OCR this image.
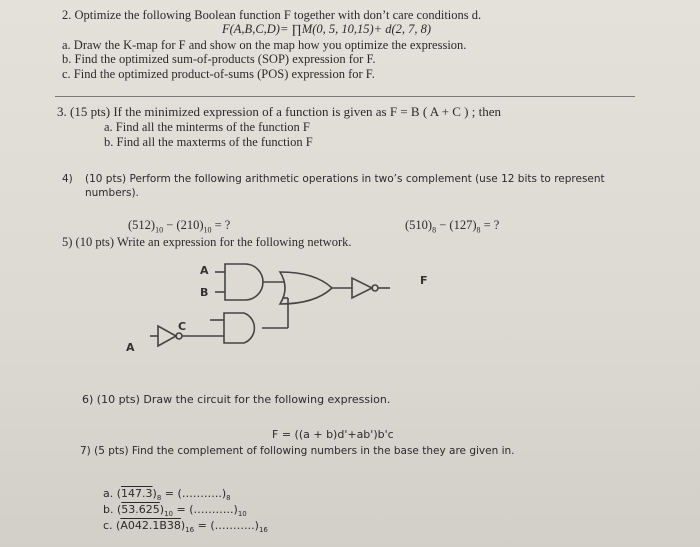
2. Optimize the following Boolean function F together with don’t care conditions d.
F(A,B,C,D)= ∏M(0, 5, 10,15)+ d(2, 7, 8)
a. Draw the K-map for F and show on the map how you optimize the expression.
b. Find the optimized sum-of-products (SOP) expression for F.
c. Find the optimized product-of-sums (POS) expression for F.
3. (15 pts) If the minimized expression of a function is given as F = B ( A + C ) ; then
a. Find all the minterms of the function F
b. Find all the maxterms of the function F
4) (10 pts) Perform the following arithmetic operations in two’s complement (use 12 bits to represent
numbers).
$(512)_{10} - (210)_{10}$ = ?	$(510)_8 - (127)_8$ = ?
5) (10 pts) Write an expression for the following network.
A
B
F
C
A
6) (10 pts) Draw the circuit for the following expression.
F = ((a + b)d'+ab')b'c
7) (5 pts) Find the complement of following numbers in the base they are given in.
a. $(147.3)_8$ = $(\dots\dots\dots..)_8$
b. $(53.625)_{10}$ = $(\dots\dots\dots..)_{10}$
c. $(A042.1B38)_{16}$ = $(\dots\dots\dots..)_{16}$
